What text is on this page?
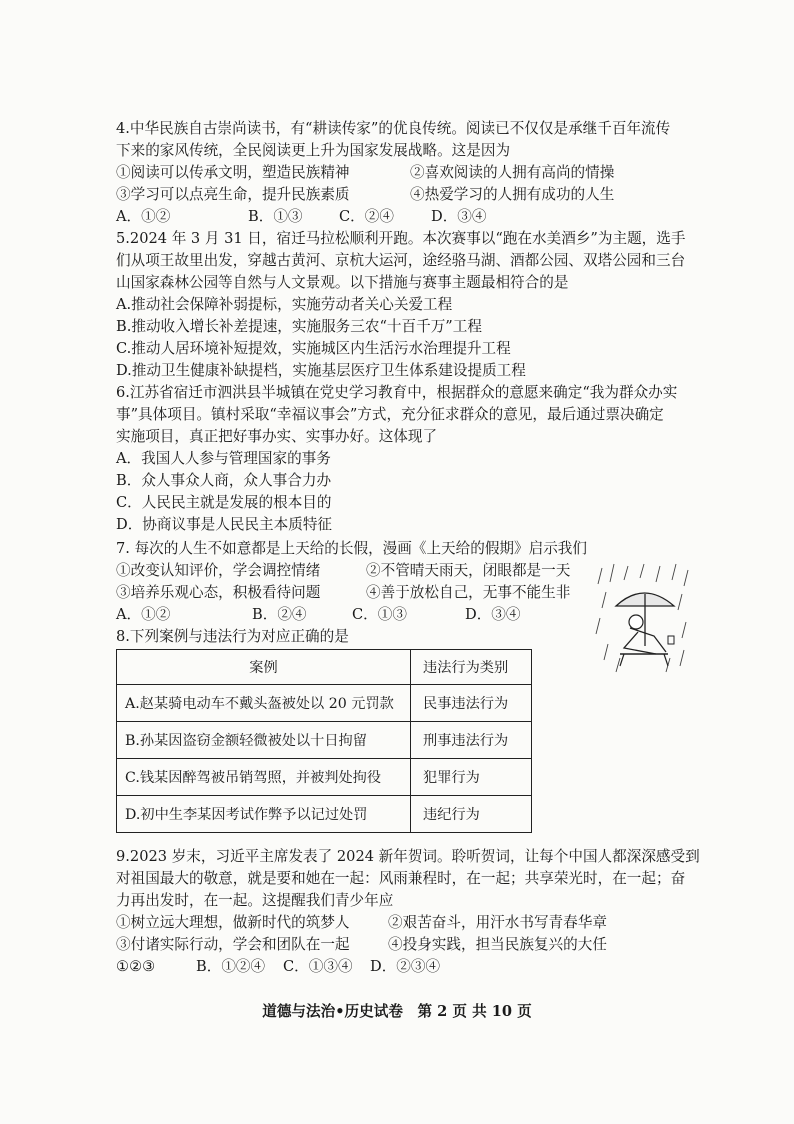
4.中华民族自古崇尚读书，有“耕读传家”的优良传统。阅读已不仅仅是承继千百年流传
下来的家风传统，全民阅读更上升为国家发展战略。这是因为
①阅读可以传承文明，塑造民族精神	②喜欢阅读的人拥有高尚的情操
③学习可以点亮生命，提升民族素质	④热爱学习的人拥有成功的人生
A．①②	B．①③ C．②④	D．③④
5.2024 年 3 月 31 日，宿迁马拉松顺利开跑。本次赛事以“跑在水美酒乡”为主题，选手
们从项王故里出发，穿越古黄河、京杭大运河，途经骆马湖、酒都公园、双塔公园和三台
山国家森林公园等自然与人文景观。以下措施与赛事主题最相符合的是
A.推动社会保障补弱提标，实施劳动者关心关爱工程
B.推动收入增长补差提速，实施服务三农“十百千万”工程
C.推动人居环境补短提效，实施城区内生活污水治理提升工程
D.推动卫生健康补缺提档，实施基层医疗卫生体系建设提质工程
6.江苏省宿迁市泗洪县半城镇在党史学习教育中，根据群众的意愿来确定“我为群众办实
事”具体项目。镇村采取“幸福议事会”方式，充分征求群众的意见，最后通过票决确定
实施项目，真正把好事办实、实事办好。这体现了
A．我国人人参与管理国家的事务
B．众人事众人商，众人事合力办
C．人民民主就是发展的根本目的
D．协商议事是人民民主本质特征
7. 每次的人生不如意都是上天给的长假，漫画《上天给的假期》启示我们
①改变认知评价，学会调控情绪	②不管晴天雨天，闭眼都是一天
③培养乐观心态，积极看待问题	④善于放松自己，无事不能生非
A．①②	B．②④	C．①③	D．③④
8.下列案例与违法行为对应正确的是
案例	违法行为类别
A.赵某骑电动车不戴头盔被处以 20 元罚款	民事违法行为
B.孙某因盗窃金额轻微被处以十日拘留	刑事违法行为
C.钱某因醉驾被吊销驾照，并被判处拘役	犯罪行为
D.初中生李某因考试作弊予以记过处罚	违纪行为
9.2023 岁末，习近平主席发表了 2024 新年贺词。聆听贺词，让每个中国人都深深感受到
对祖国最大的敬意，就是要和她在一起：风雨兼程时，在一起；共享荣光时，在一起；奋
力再出发时，在一起。这提醒我们青少年应
①树立远大理想，做新时代的筑梦人	②艰苦奋斗，用汗水书写青春华章
③付诸实际行动，学会和团队在一起	④投身实践，担当民族复兴的大任
①②③	B．①②④ C．①③④ D．②③④
道德与法治•历史试卷　第 2 页 共 10 页
